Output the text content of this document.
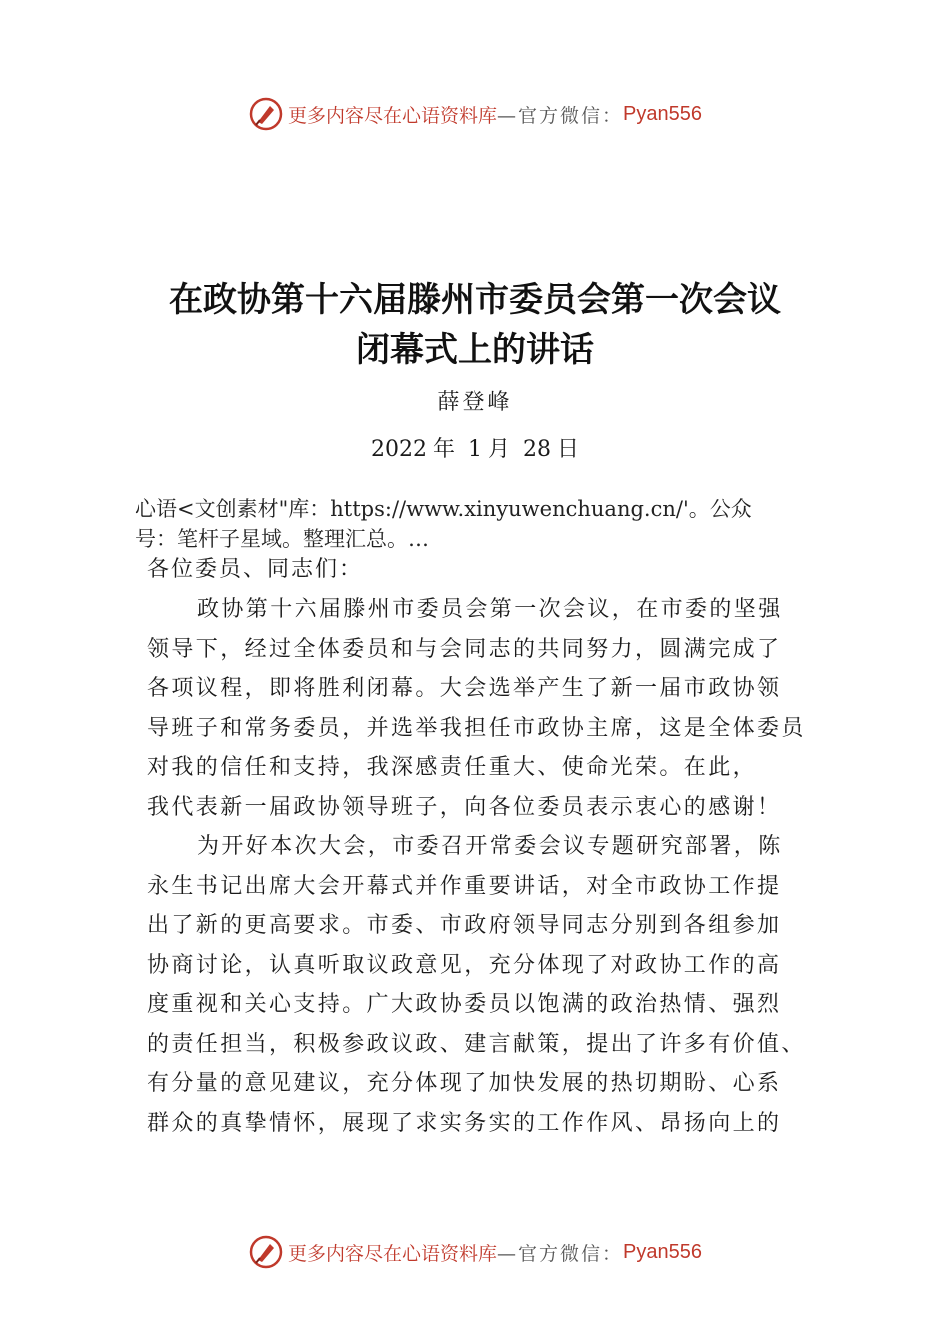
更多内容尽在心语资料库 —官方微信： Pyan556
在政协第十六届滕州市委员会第一次会议
闭幕式上的讲话
薛登峰
2022 年 1 月 28 日
心语<文创素材"库：https://www.xinyuwenchuang.cn/'。公众
号：笔杆子星域。整理汇总。…
各位委员、同志们：
政协第十六届滕州市委员会第一次会议，在市委的坚强
领导下，经过全体委员和与会同志的共同努力，圆满完成了
各项议程，即将胜利闭幕。大会选举产生了新一届市政协领
导班子和常务委员，并选举我担任市政协主席，这是全体委员
对我的信任和支持，我深感责任重大、使命光荣。在此，
我代表新一届政协领导班子，向各位委员表示衷心的感谢！
为开好本次大会，市委召开常委会议专题研究部署，陈
永生书记出席大会开幕式并作重要讲话，对全市政协工作提
出了新的更高要求。市委、市政府领导同志分别到各组参加
协商讨论，认真听取议政意见，充分体现了对政协工作的高
度重视和关心支持。广大政协委员以饱满的政治热情、强烈
的责任担当，积极参政议政、建言献策，提出了许多有价值、
有分量的意见建议，充分体现了加快发展的热切期盼、心系
群众的真挚情怀，展现了求实务实的工作作风、昂扬向上的
更多内容尽在心语资料库 —官方微信： Pyan556
